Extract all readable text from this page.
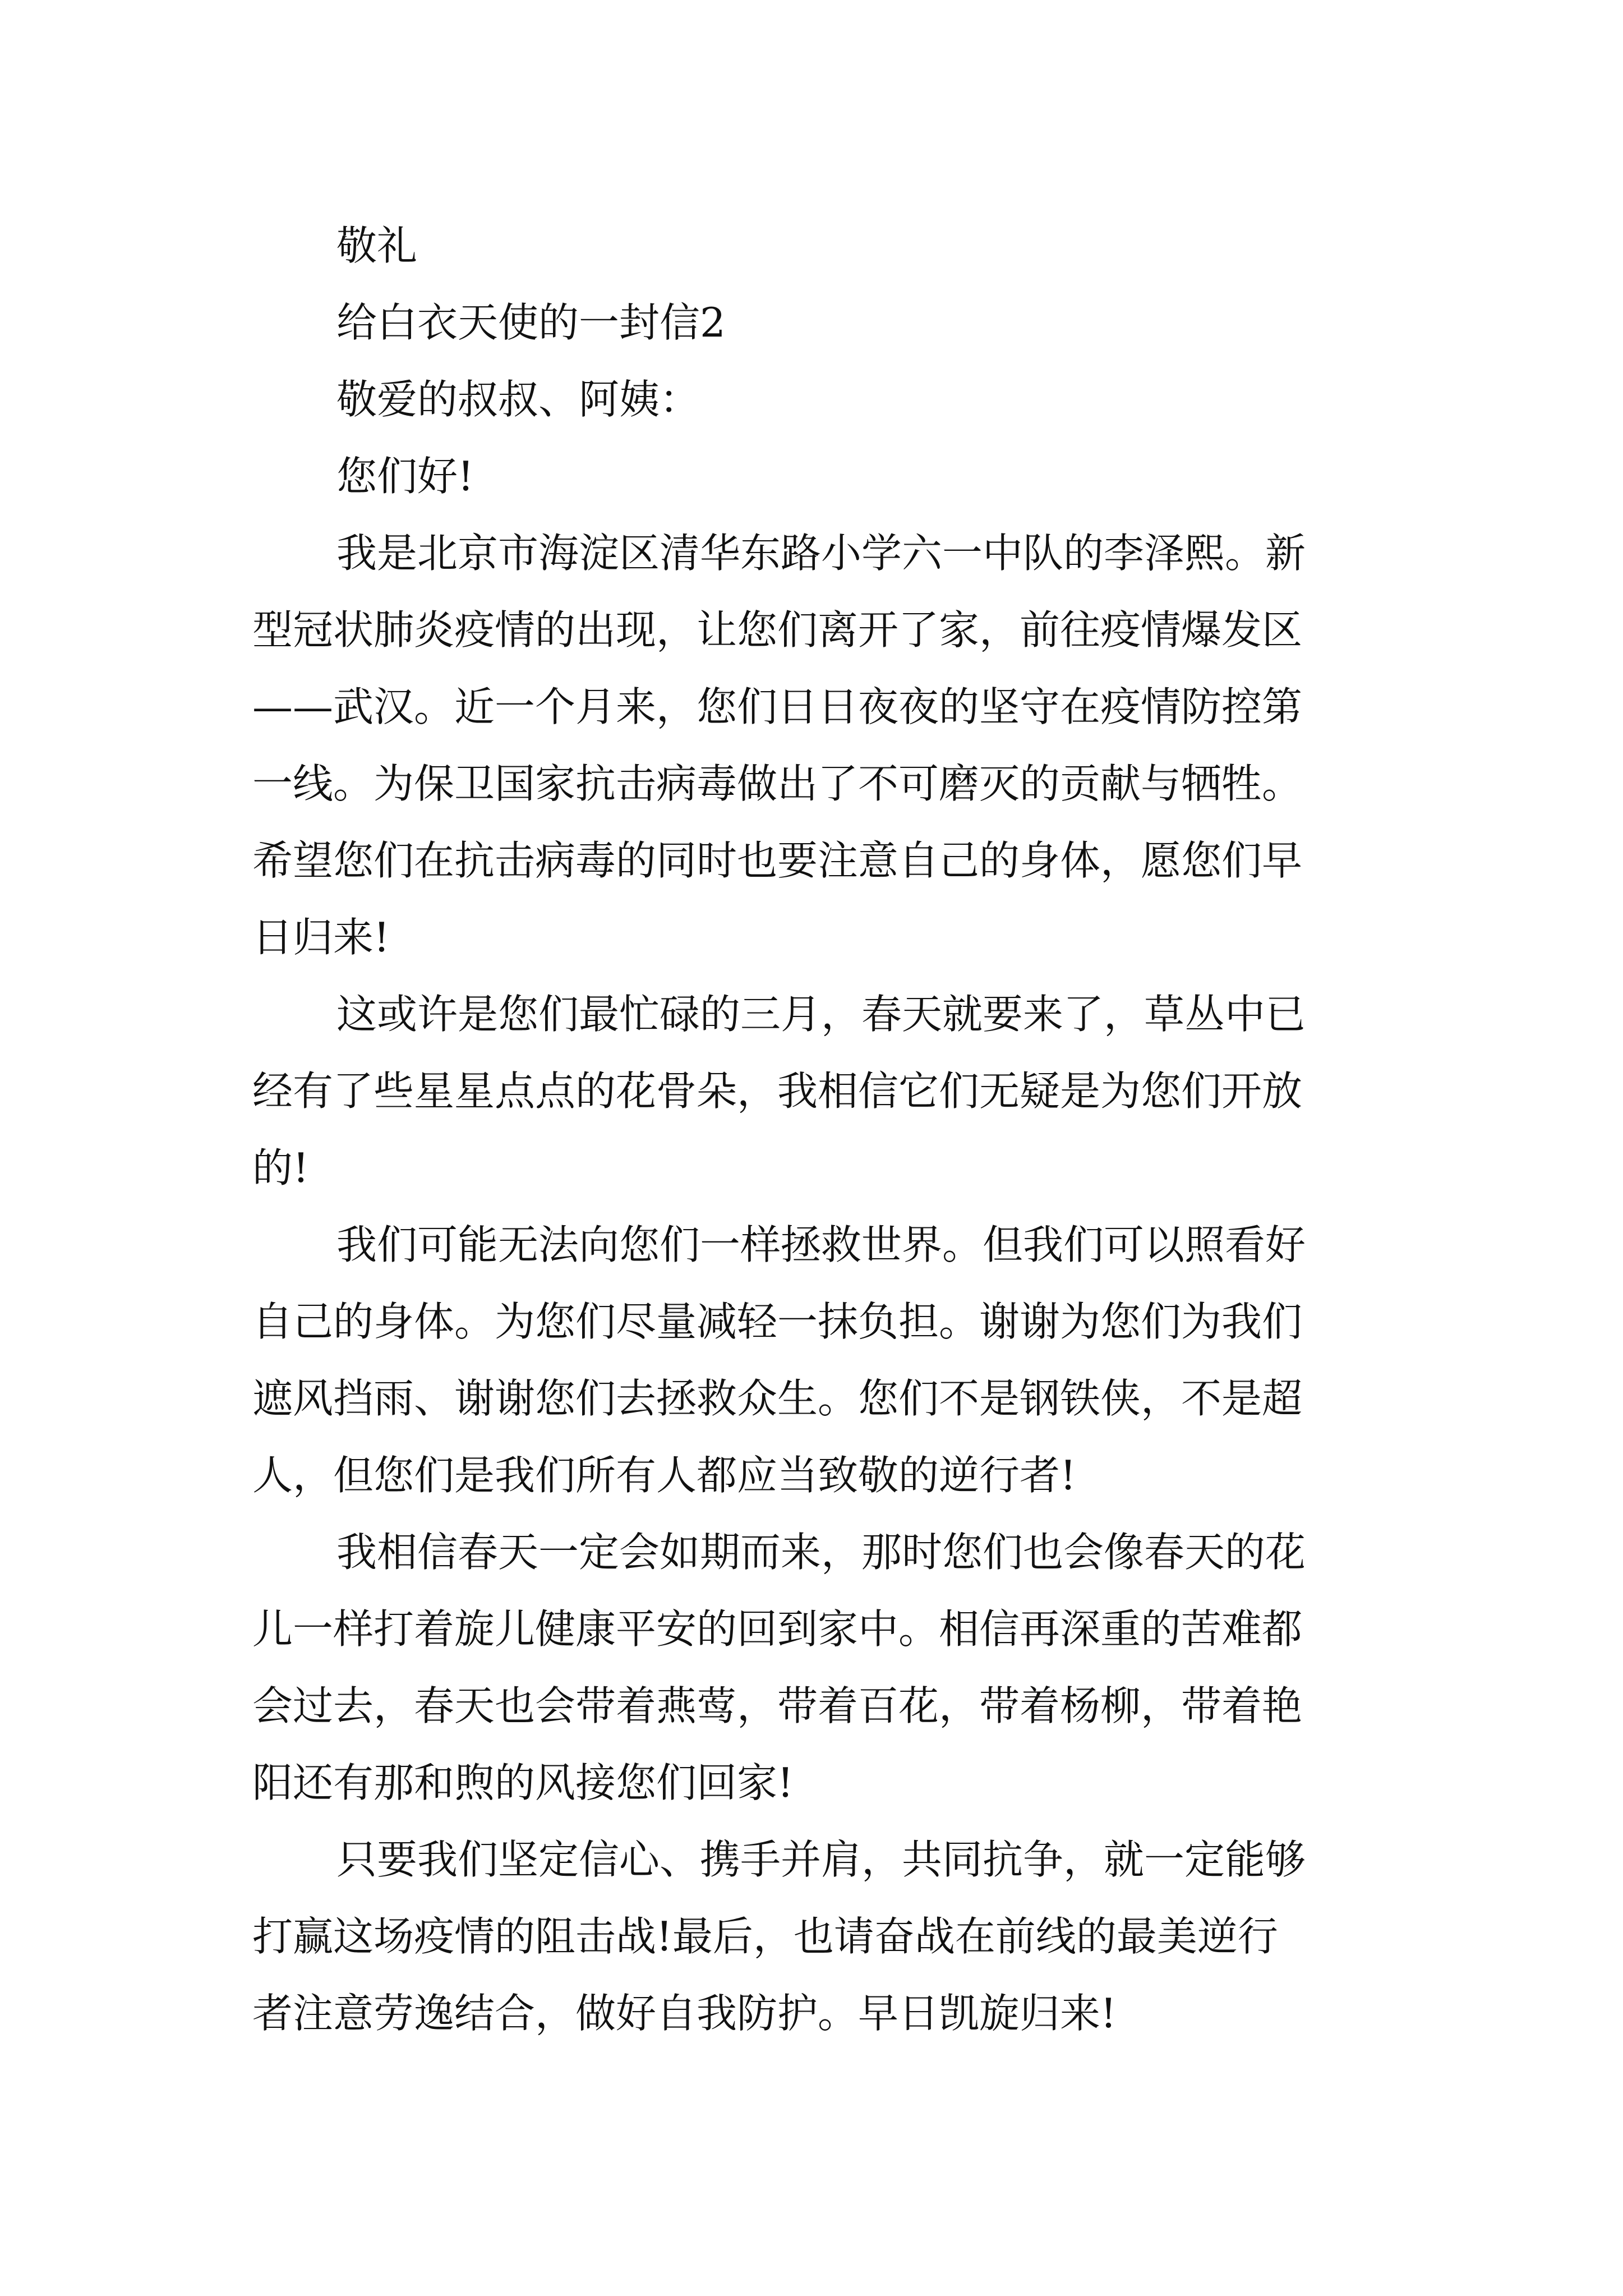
敬礼
给白衣天使的一封信2
敬爱的叔叔、阿姨：
您们好!
我是北京市海淀区清华东路小学六一中队的李泽熙。新
型冠状肺炎疫情的出现，让您们离开了家，前往疫情爆发区
——武汉。近一个月来，您们日日夜夜的坚守在疫情防控第
一线。为保卫国家抗击病毒做出了不可磨灭的贡献与牺牲。
希望您们在抗击病毒的同时也要注意自己的身体，愿您们早
日归来!
这或许是您们最忙碌的三月，春天就要来了，草丛中已
经有了些星星点点的花骨朵，我相信它们无疑是为您们开放
的!
我们可能无法向您们一样拯救世界。但我们可以照看好
自己的身体。为您们尽量减轻一抹负担。谢谢为您们为我们
遮风挡雨、谢谢您们去拯救众生。您们不是钢铁侠，不是超
人，但您们是我们所有人都应当致敬的逆行者!
我相信春天一定会如期而来，那时您们也会像春天的花
儿一样打着旋儿健康平安的回到家中。相信再深重的苦难都
会过去，春天也会带着燕莺，带着百花，带着杨柳，带着艳
阳还有那和煦的风接您们回家!
只要我们坚定信心、携手并肩，共同抗争，就一定能够
打赢这场疫情的阻击战!最后，也请奋战在前线的最美逆行
者注意劳逸结合，做好自我防护。早日凯旋归来!
